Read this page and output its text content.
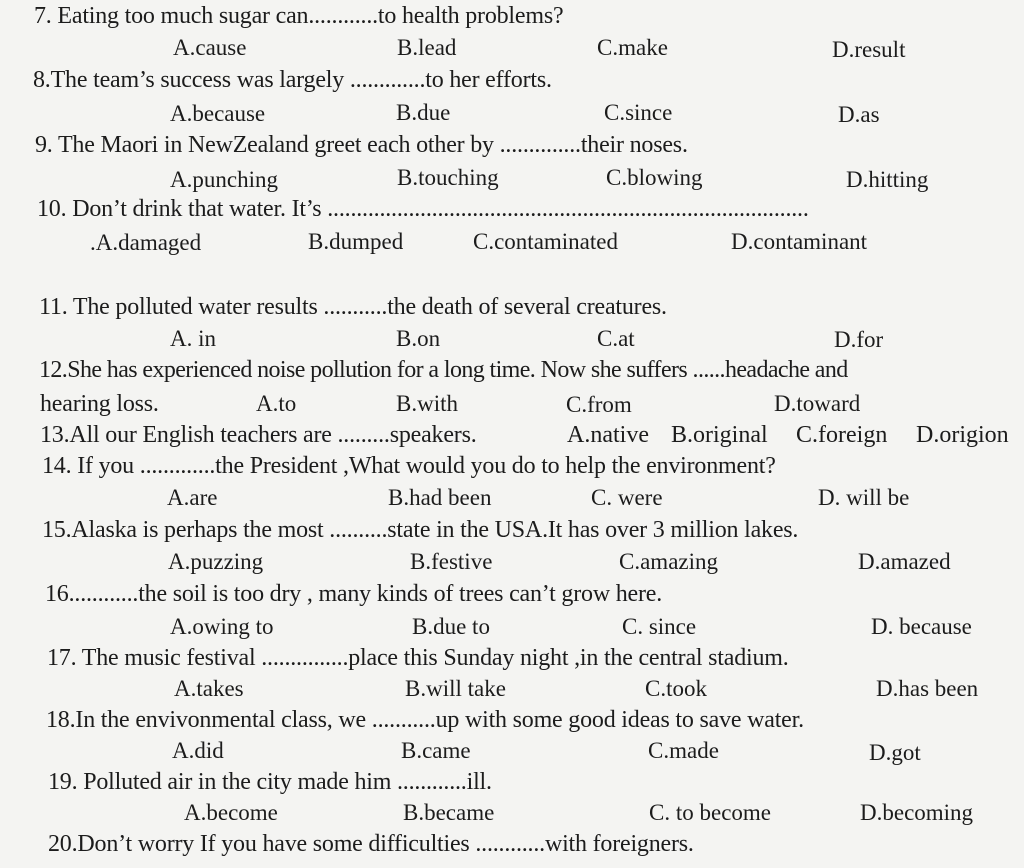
7. Eating too much sugar can............to health problems?
A.cause	B.lead	C.make	D.result
8.The team’s success was largely .............to her efforts.
A.because	B.due	C.since	D.as
9. The Maori in NewZealand greet each other by ..............their noses.
A.punching	B.touching	C.blowing	D.hitting
10. Don’t drink that water. It’s ...................................................................................
.A.damaged	B.dumped	C.contaminated	D.contaminant
11. The polluted water results ...........the death of several creatures.
A. in	B.on	C.at	D.for
12.She has experienced noise pollution for a long time. Now she suffers ......headache and
hearing loss.	A.to	B.with	C.from	D.toward
13.All our English teachers are .........speakers.	A.native B.original C.foreign D.origion
14. If you .............the President ,What would you do to help the environment?
A.are	B.had been	C. were	D. will be
15.Alaska is perhaps the most ..........state in the USA.It has over 3 million lakes.
A.puzzing	B.festive	C.amazing	D.amazed
16............the soil is too dry , many kinds of trees can’t grow here.
A.owing to	B.due to	C. since	D. because
17. The music festival ...............place this Sunday night ,in the central stadium.
A.takes	B.will take	C.took	D.has been
18.In the envivonmental class, we ...........up with some good ideas to save water.
A.did	B.came	C.made	D.got
19. Polluted air in the city made him ............ill.
A.become	B.became	C. to become	D.becoming
20.Don’t worry If you have some difficulties ............with foreigners.
